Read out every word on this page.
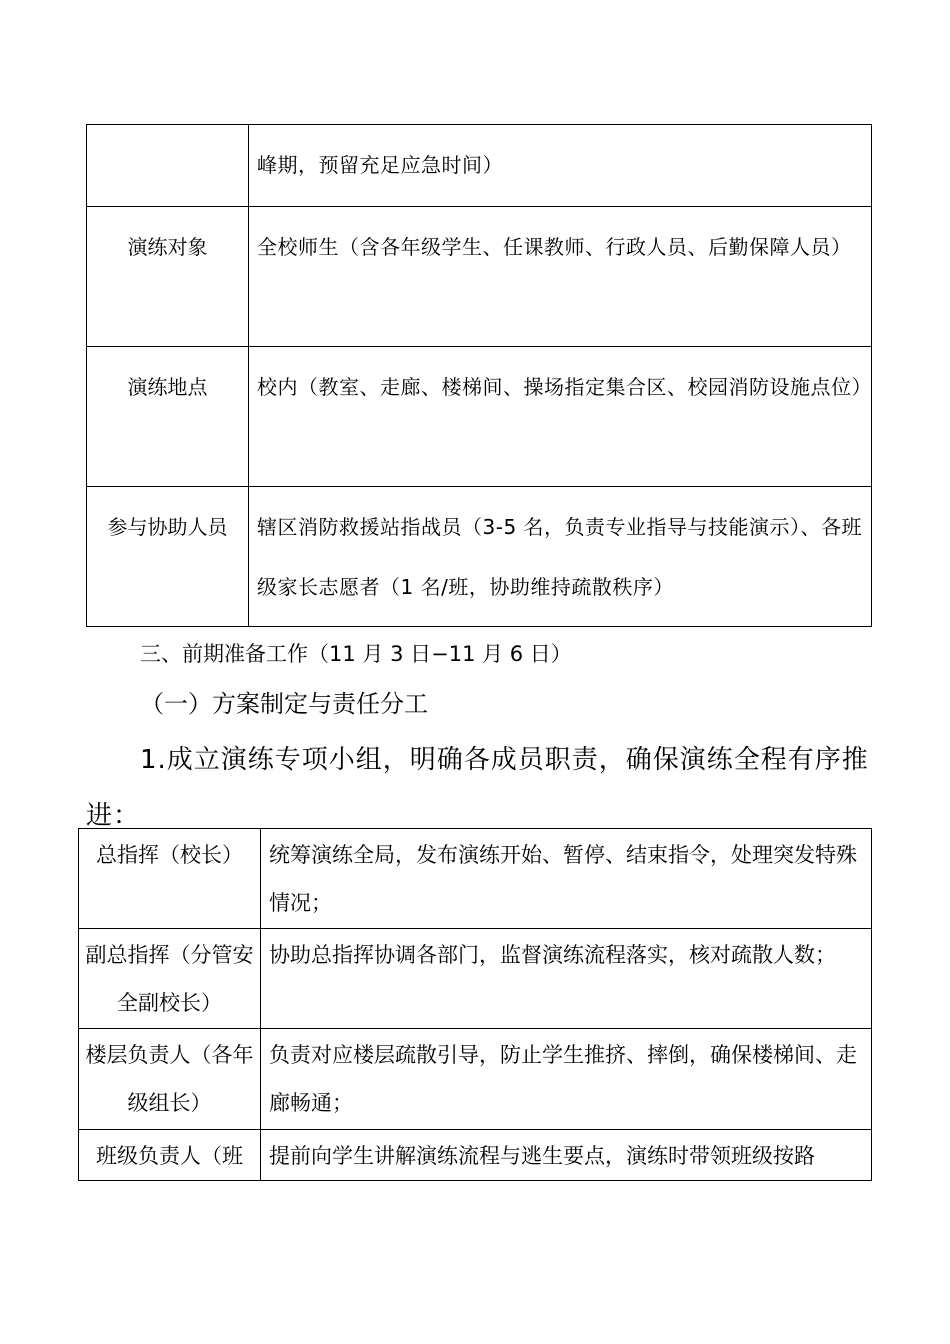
	峰期，预留充足应急时间）
演练对象	全校师生（含各年级学生、任课教师、行政人员、后勤保障人员）
演练地点	校内（教室、走廊、楼梯间、操场指定集合区、校园消防设施点位）
参与协助人员	辖区消防救援站指战员（3-5 名，负责专业指导与技能演示）、各班级家长志愿者（1 名/班，协助维持疏散秩序）

三、前期准备工作（11 月 3 日−11 月 6 日）

（一）方案制定与责任分工

1.成立演练专项小组，明确各成员职责，确保演练全程有序推进：

总指挥（校长）	统筹演练全局，发布演练开始、暂停、结束指令，处理突发特殊情况；
副总指挥（分管安全副校长）	协助总指挥协调各部门，监督演练流程落实，核对疏散人数；
楼层负责人（各年级组长）	负责对应楼层疏散引导，防止学生推挤、摔倒，确保楼梯间、走廊畅通；
班级负责人（班	提前向学生讲解演练流程与逃生要点，演练时带领班级按路
